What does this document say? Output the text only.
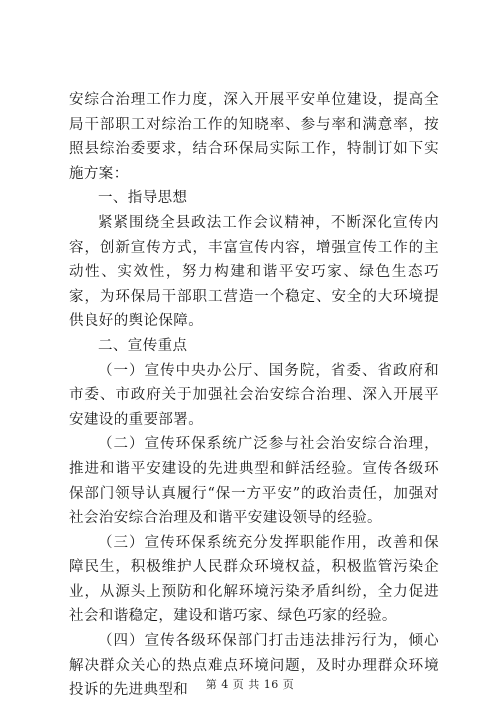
安综合治理工作力度，深入开展平安单位建设，提高全局干部职工对综治工作的知晓率、参与率和满意率，按照县综治委要求，结合环保局实际工作，特制订如下实施方案：

一、指导思想

紧紧围绕全县政法工作会议精神，不断深化宣传内容，创新宣传方式，丰富宣传内容，增强宣传工作的主动性、实效性，努力构建和谐平安巧家、绿色生态巧家，为环保局干部职工营造一个稳定、安全的大环境提供良好的舆论保障。

二、宣传重点

（一）宣传中央办公厅、国务院，省委、省政府和市委、市政府关于加强社会治安综合治理、深入开展平安建设的重要部署。

（二）宣传环保系统广泛参与社会治安综合治理，推进和谐平安建设的先进典型和鲜活经验。宣传各级环保部门领导认真履行“保一方平安”的政治责任，加强对社会治安综合治理及和谐平安建设领导的经验。

（三）宣传环保系统充分发挥职能作用，改善和保障民生，积极维护人民群众环境权益，积极监管污染企业，从源头上预防和化解环境污染矛盾纠纷，全力促进社会和谐稳定，建设和谐巧家、绿色巧家的经验。

（四）宣传各级环保部门打击违法排污行为，倾心解决群众关心的热点难点环境问题，及时办理群众环境投诉的先进典型和	第 4 页 共 16 页
